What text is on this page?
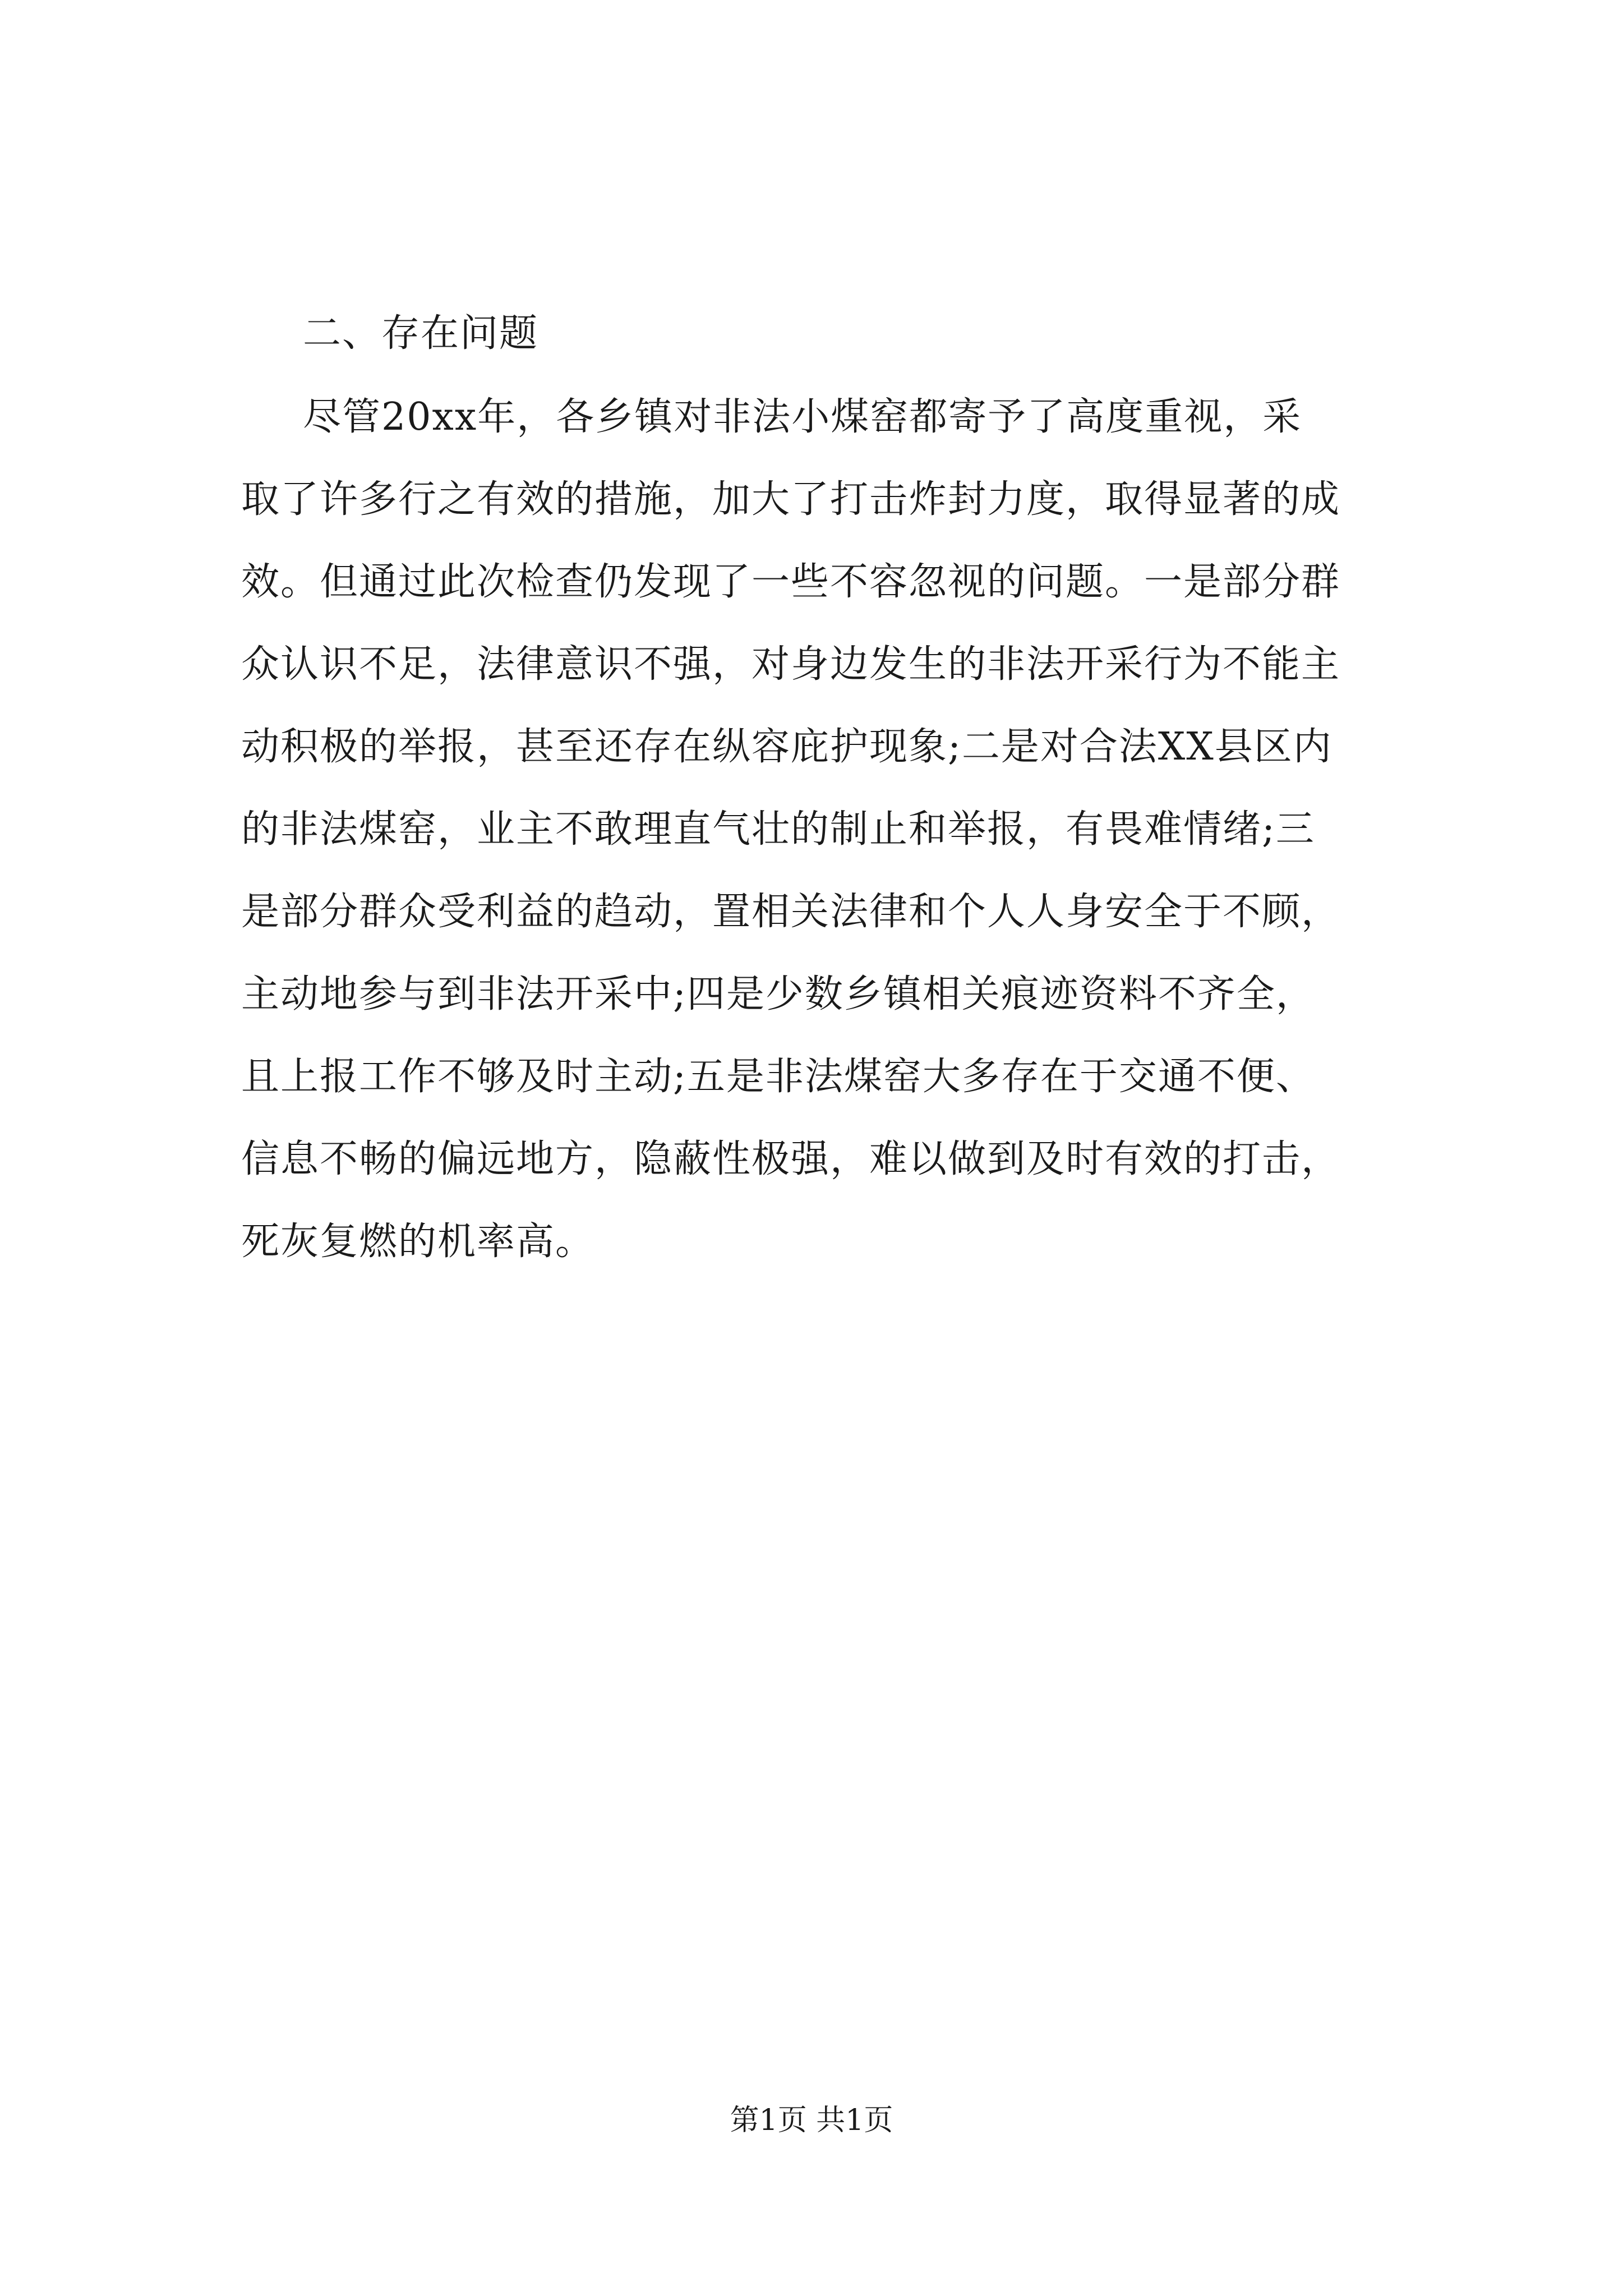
二、存在问题

尽管20xx年，各乡镇对非法小煤窑都寄予了高度重视，采
取了许多行之有效的措施，加大了打击炸封力度，取得显著的成
效。但通过此次检查仍发现了一些不容忽视的问题。一是部分群
众认识不足，法律意识不强，对身边发生的非法开采行为不能主
动积极的举报，甚至还存在纵容庇护现象;二是对合法XX县区内
的非法煤窑，业主不敢理直气壮的制止和举报，有畏难情绪;三
是部分群众受利益的趋动，置相关法律和个人人身安全于不顾，
主动地参与到非法开采中;四是少数乡镇相关痕迹资料不齐全，
且上报工作不够及时主动;五是非法煤窑大多存在于交通不便、
信息不畅的偏远地方，隐蔽性极强，难以做到及时有效的打击，
死灰复燃的机率高。

第1页 共1页
